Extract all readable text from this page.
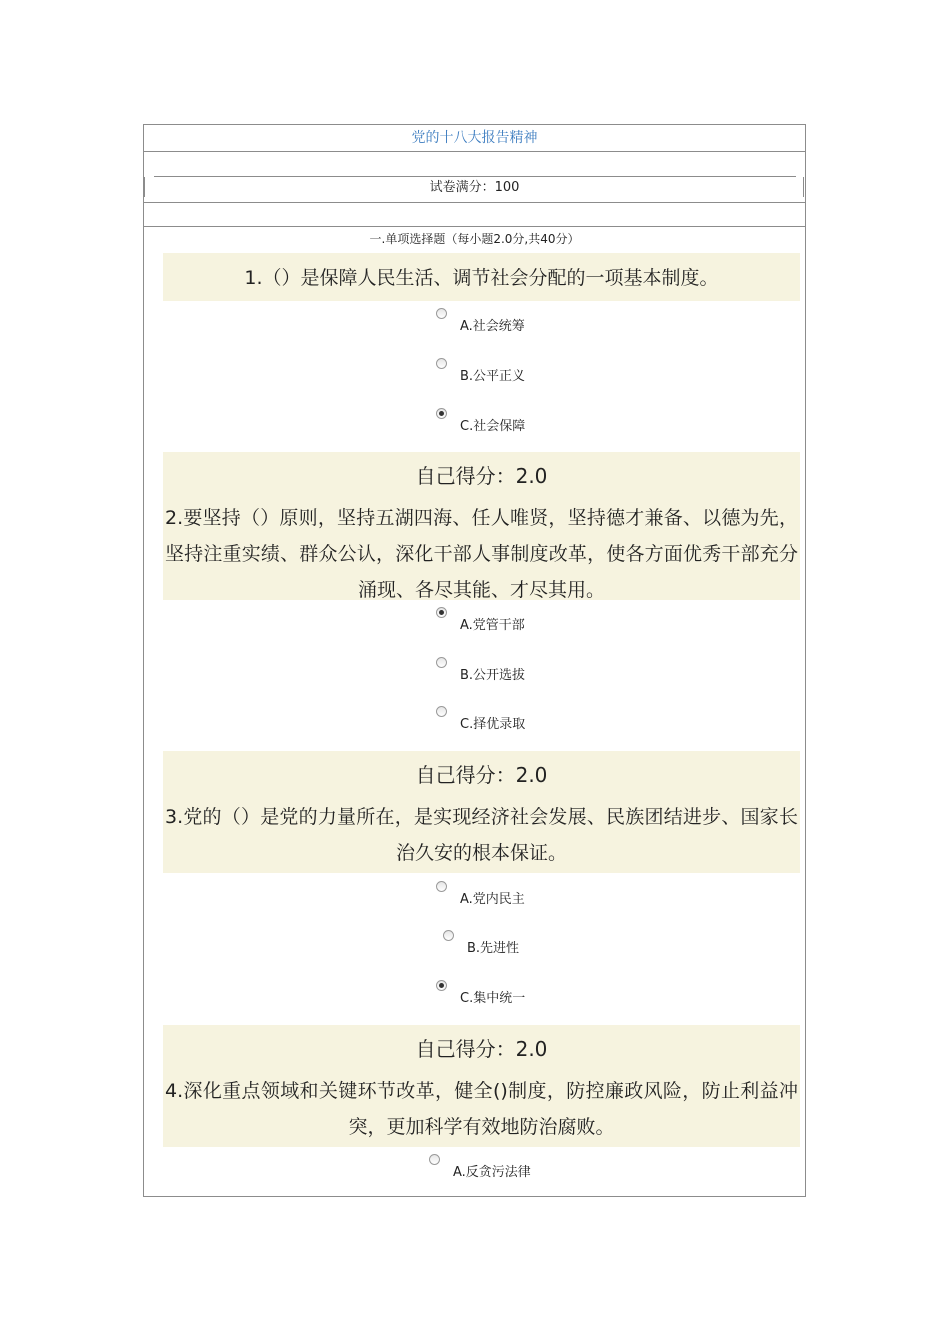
党的十八大报告精神
试卷满分：100
一.单项选择题（每小题2.0分,共40分）
1.（）是保障人民生活、调节社会分配的一项基本制度。
A.社会统筹
B.公平正义
C.社会保障
自己得分：2.0
2.要坚持（）原则，坚持五湖四海、任人唯贤，坚持德才兼备、以德为先，坚持注重实绩、群众公认，深化干部人事制度改革，使各方面优秀干部充分涌现、各尽其能、才尽其用。
A.党管干部
B.公开选拔
C.择优录取
自己得分：2.0
3.党的（）是党的力量所在，是实现经济社会发展、民族团结进步、国家长治久安的根本保证。
A.党内民主
B.先进性
C.集中统一
自己得分：2.0
4.深化重点领域和关键环节改革，健全()制度，防控廉政风险，防止利益冲突，更加科学有效地防治腐败。
A.反贪污法律
